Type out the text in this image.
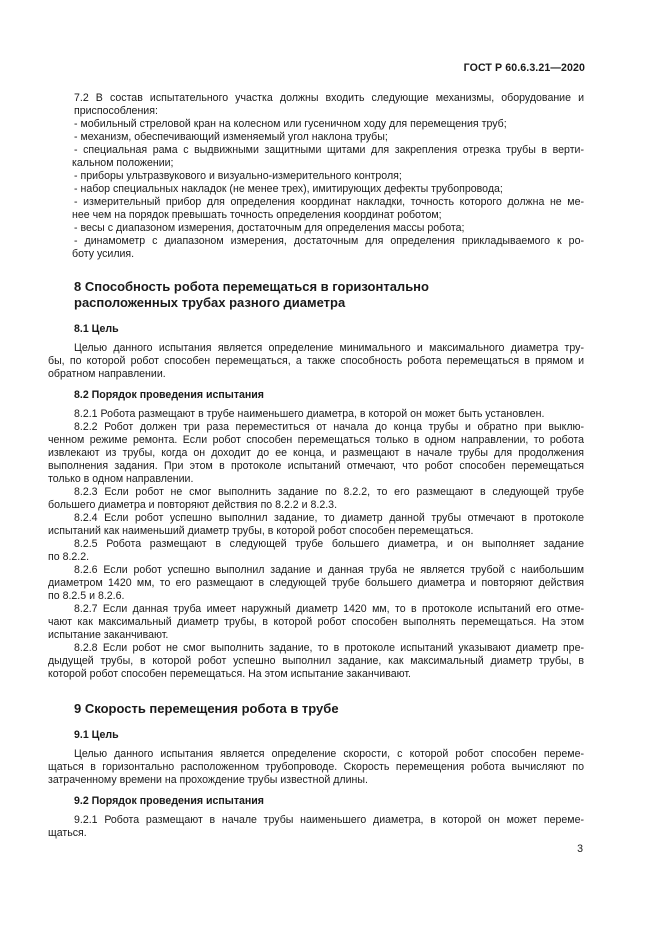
ГОСТ Р 60.6.3.21—2020
7.2 В состав испытательного участка должны входить следующие механизмы, оборудование и
приспособления:
- мобильный стреловой кран на колесном или гусеничном ходу для перемещения труб;
- механизм, обеспечивающий изменяемый угол наклона трубы;
- специальная рама с выдвижными защитными щитами для закрепления отрезка трубы в верти-
кальном положении;
- приборы ультразвукового и визуально-измерительного контроля;
- набор специальных накладок (не менее трех), имитирующих дефекты трубопровода;
- измерительный прибор для определения координат накладки, точность которого должна не ме-
нее чем на порядок превышать точность определения координат роботом;
- весы с диапазоном измерения, достаточным для определения массы робота;
- динамометр с диапазоном измерения, достаточным для определения прикладываемого к ро-
боту усилия.
8 Способность робота перемещаться в горизонтально
расположенных трубах разного диаметра
8.1 Цель
Целью данного испытания является определение минимального и максимального диаметра тру-
бы, по которой робот способен перемещаться, а также способность робота перемещаться в прямом и
обратном направлении.
8.2 Порядок проведения испытания
8.2.1 Робота размещают в трубе наименьшего диаметра, в которой он может быть установлен.
8.2.2 Робот должен три раза переместиться от начала до конца трубы и обратно при выклю-
ченном режиме ремонта. Если робот способен перемещаться только в одном направлении, то робота
извлекают из трубы, когда он доходит до ее конца, и размещают в начале трубы для продолжения
выполнения задания. При этом в протоколе испытаний отмечают, что робот способен перемещаться
только в одном направлении.
8.2.3 Если робот не смог выполнить задание по 8.2.2, то его размещают в следующей трубе
большего диаметра и повторяют действия по 8.2.2 и 8.2.3.
8.2.4 Если робот успешно выполнил задание, то диаметр данной трубы отмечают в протоколе
испытаний как наименьший диаметр трубы, в которой робот способен перемещаться.
8.2.5 Робота размещают в следующей трубе большего диаметра, и он выполняет задание
по 8.2.2.
8.2.6 Если робот успешно выполнил задание и данная труба не является трубой с наибольшим
диаметром 1420 мм, то его размещают в следующей трубе большего диаметра и повторяют действия
по 8.2.5 и 8.2.6.
8.2.7 Если данная труба имеет наружный диаметр 1420 мм, то в протоколе испытаний его отме-
чают как максимальный диаметр трубы, в которой робот способен выполнять перемещаться. На этом
испытание заканчивают.
8.2.8 Если робот не смог выполнить задание, то в протоколе испытаний указывают диаметр пре-
дыдущей трубы, в которой робот успешно выполнил задание, как максимальный диаметр трубы, в
которой робот способен перемещаться. На этом испытание заканчивают.
9 Скорость перемещения робота в трубе
9.1 Цель
Целью данного испытания является определение скорости, с которой робот способен переме-
щаться в горизонтально расположенном трубопроводе. Скорость перемещения робота вычисляют по
затраченному времени на прохождение трубы известной длины.
9.2 Порядок проведения испытания
9.2.1 Робота размещают в начале трубы наименьшего диаметра, в которой он может переме-
щаться.
3
